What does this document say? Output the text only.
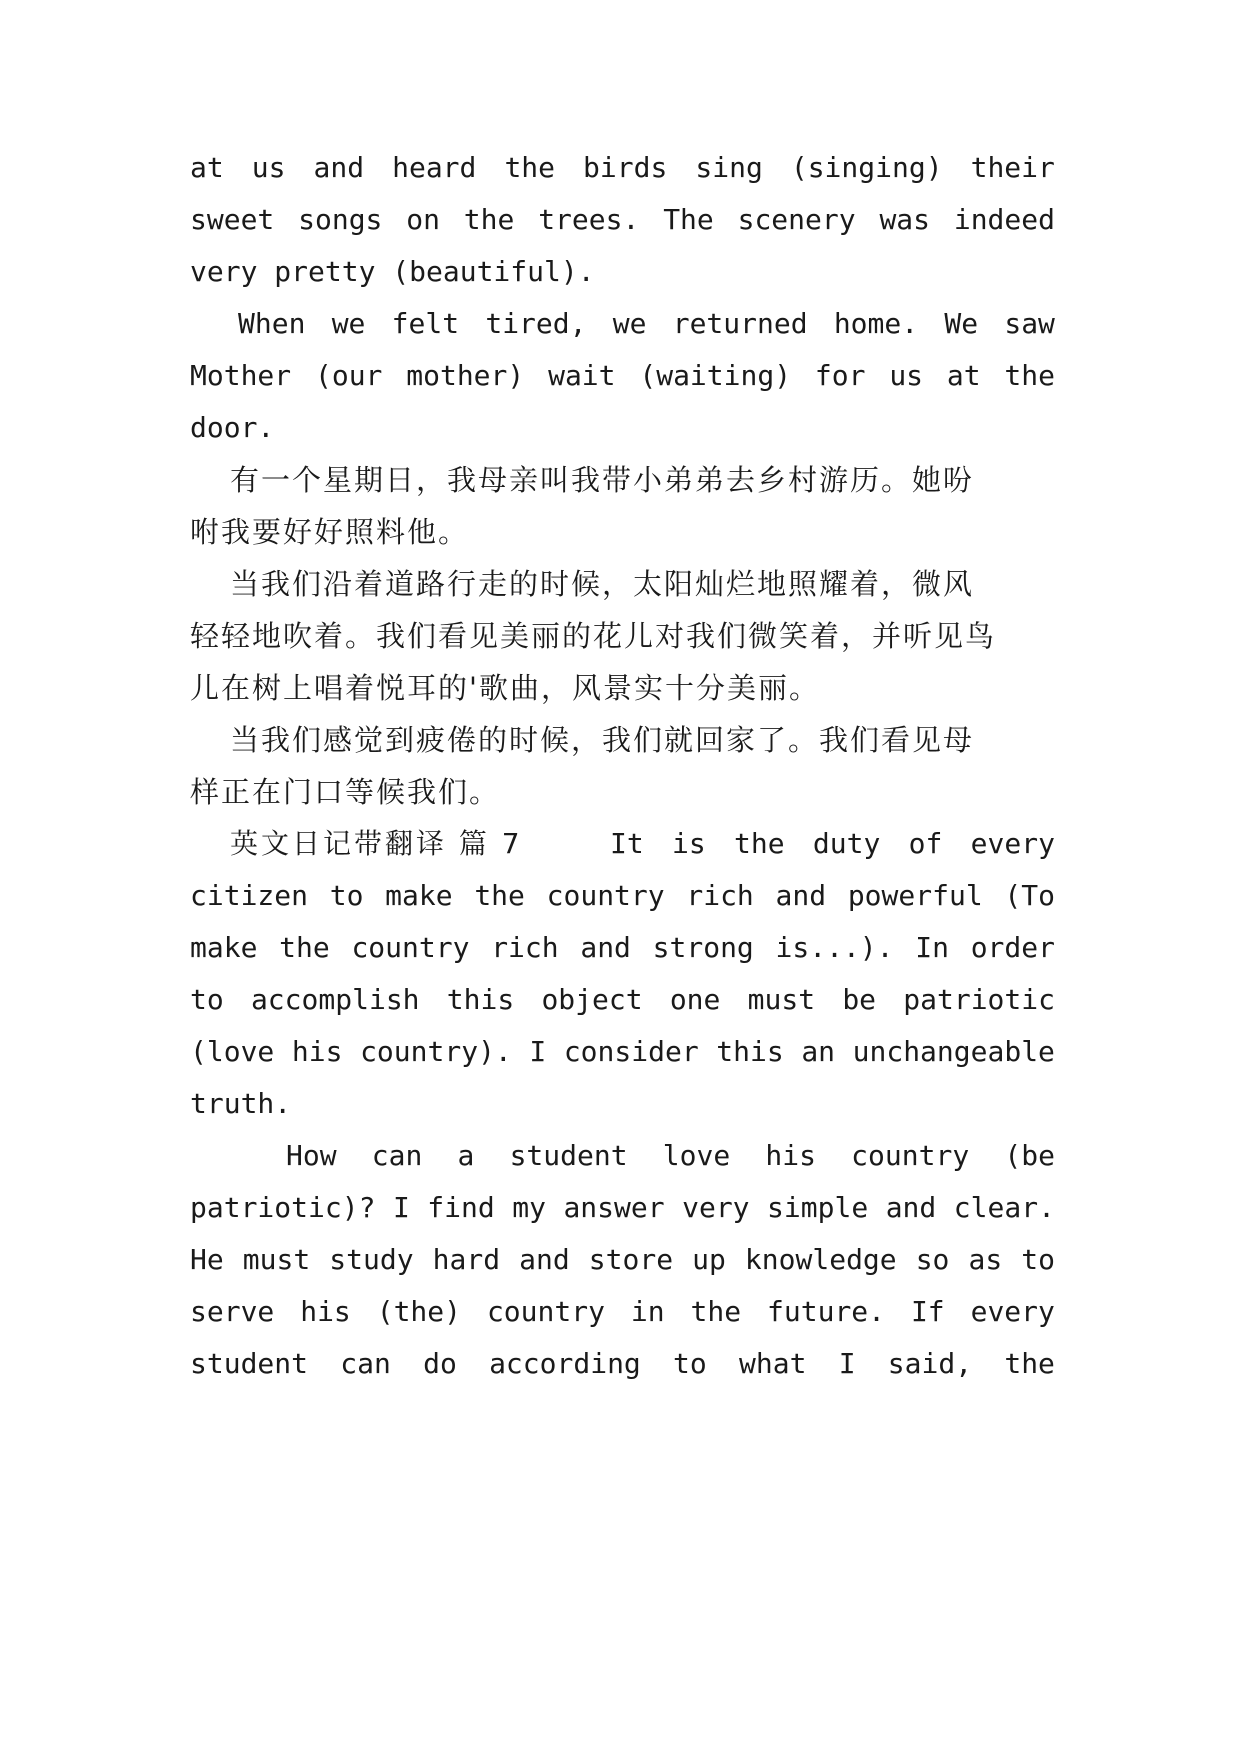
at us and heard the birds sing (singing) their
sweet songs on the trees. The scenery was indeed
very pretty (beautiful).
When we felt tired, we returned home. We saw
Mother (our mother) wait (waiting) for us at the
door.
有一个星期日，我母亲叫我带小弟弟去乡村游历。她吩
咐我要好好照料他。
当我们沿着道路行走的时候，太阳灿烂地照耀着，微风
轻轻地吹着。我们看见美丽的花儿对我们微笑着，并听见鸟
儿在树上唱着悦耳的'歌曲，风景实十分美丽。
当我们感觉到疲倦的时候，我们就回家了。我们看见母
样正在门口等候我们。
英文日记带翻译 篇 7	It is the duty of every
citizen to make the country rich and powerful (To
make the country rich and strong is...). In order
to accomplish this object one must be patriotic
(love his country). I consider this an unchangeable
truth.
How can a student love his country (be
patriotic)? I find my answer very simple and clear.
He must study hard and store up knowledge so as to
serve his (the) country in the future. If every
student can do according to what I said, the
